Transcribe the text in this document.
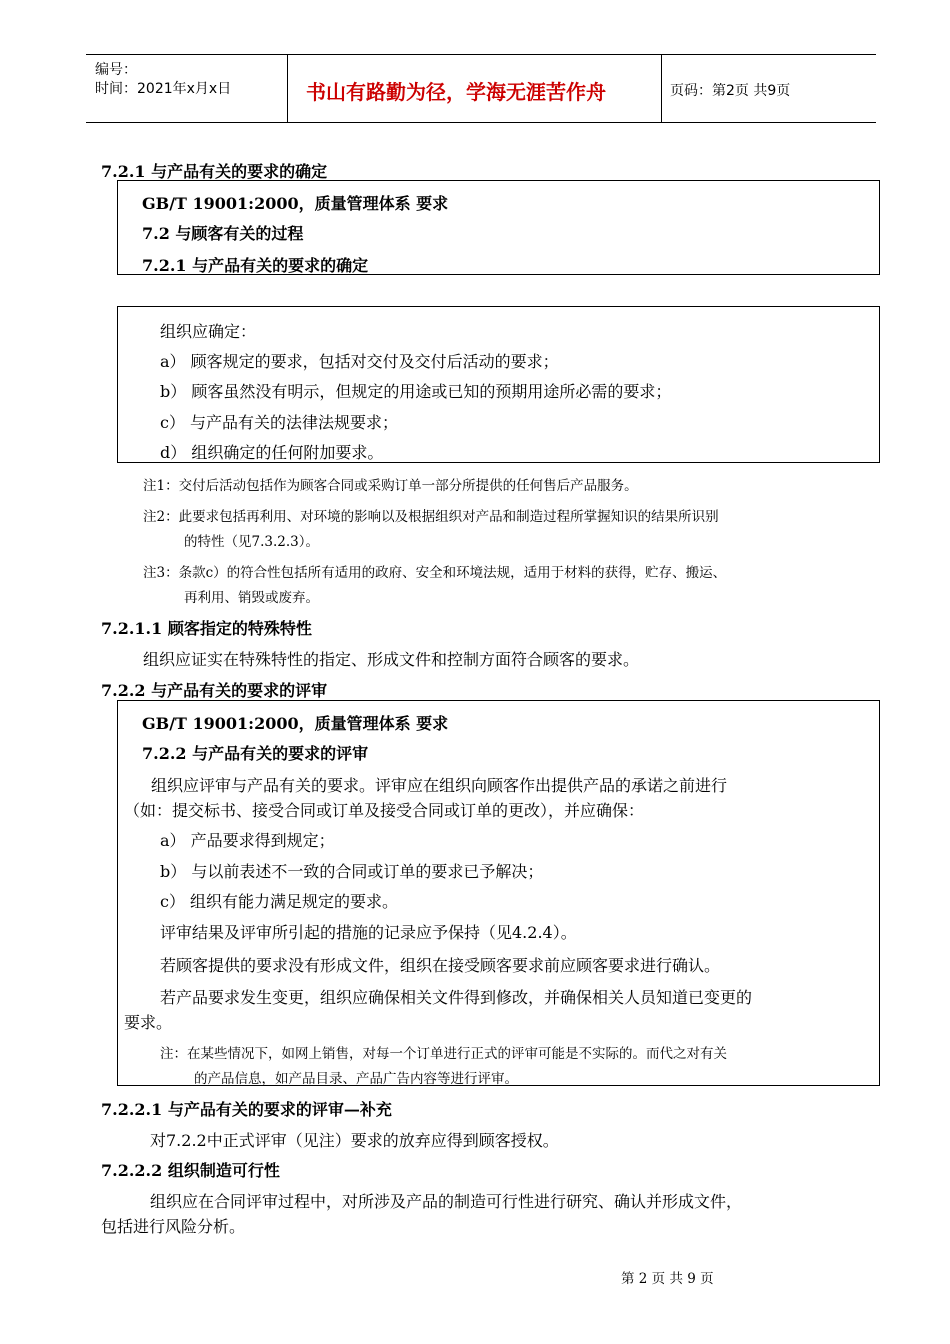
编号：
时间：2021年x月x日	书山有路勤为径，学海无涯苦作舟	页码：第2页 共9页
7.2.1 与产品有关的要求的确定
GB/T 19001:2000，质量管理体系 要求
7.2 与顾客有关的过程
7.2.1 与产品有关的要求的确定
组织应确定：
a） 顾客规定的要求，包括对交付及交付后活动的要求；
b） 顾客虽然没有明示，但规定的用途或已知的预期用途所必需的要求；
c） 与产品有关的法律法规要求；
d） 组织确定的任何附加要求。
注1：交付后活动包括作为顾客合同或采购订单一部分所提供的任何售后产品服务。
注2：此要求包括再利用、对环境的影响以及根据组织对产品和制造过程所掌握知识的结果所识别
的特性（见7.3.2.3）。
注3：条款c）的符合性包括所有适用的政府、安全和环境法规，适用于材料的获得，贮存、搬运、
再利用、销毁或废弃。
7.2.1.1 顾客指定的特殊特性
组织应证实在特殊特性的指定、形成文件和控制方面符合顾客的要求。
7.2.2 与产品有关的要求的评审
GB/T 19001:2000，质量管理体系 要求
7.2.2 与产品有关的要求的评审
组织应评审与产品有关的要求。评审应在组织向顾客作出提供产品的承诺之前进行
（如：提交标书、接受合同或订单及接受合同或订单的更改），并应确保：
a） 产品要求得到规定；
b） 与以前表述不一致的合同或订单的要求已予解决；
c） 组织有能力满足规定的要求。
评审结果及评审所引起的措施的记录应予保持（见4.2.4）。
若顾客提供的要求没有形成文件，组织在接受顾客要求前应顾客要求进行确认。
若产品要求发生变更，组织应确保相关文件得到修改，并确保相关人员知道已变更的
要求。
注：在某些情况下，如网上销售，对每一个订单进行正式的评审可能是不实际的。而代之对有关
的产品信息，如产品目录、产品广告内容等进行评审。
7.2.2.1 与产品有关的要求的评审—补充
对7.2.2中正式评审（见注）要求的放弃应得到顾客授权。
7.2.2.2 组织制造可行性
组织应在合同评审过程中，对所涉及产品的制造可行性进行研究、确认并形成文件，
包括进行风险分析。
第 2 页 共 9 页
